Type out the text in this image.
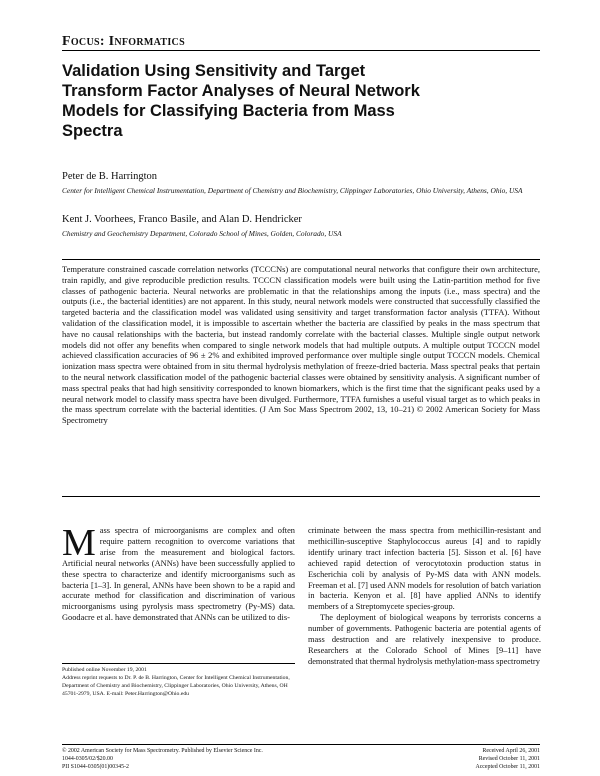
Focus: Informatics
Validation Using Sensitivity and Target Transform Factor Analyses of Neural Network Models for Classifying Bacteria from Mass Spectra
Peter de B. Harrington
Center for Intelligent Chemical Instrumentation, Department of Chemistry and Biochemistry, Clippinger Laboratories, Ohio University, Athens, Ohio, USA
Kent J. Voorhees, Franco Basile, and Alan D. Hendricker
Chemistry and Geochemistry Department, Colorado School of Mines, Golden, Colorado, USA
Temperature constrained cascade correlation networks (TCCCNs) are computational neural networks that configure their own architecture, train rapidly, and give reproducible prediction results. TCCCN classification models were built using the Latin-partition method for five classes of pathogenic bacteria. Neural networks are problematic in that the relationships among the inputs (i.e., mass spectra) and the outputs (i.e., the bacterial identities) are not apparent. In this study, neural network models were constructed that successfully classified the targeted bacteria and the classification model was validated using sensitivity and target transformation factor analysis (TTFA). Without validation of the classification model, it is impossible to ascertain whether the bacteria are classified by peaks in the mass spectrum that have no causal relationships with the bacteria, but instead randomly correlate with the bacterial classes. Multiple single output network models did not offer any benefits when compared to single network models that had multiple outputs. A multiple output TCCCN model achieved classification accuracies of 96 ± 2% and exhibited improved performance over multiple single output TCCCN models. Chemical ionization mass spectra were obtained from in situ thermal hydrolysis methylation of freeze-dried bacteria. Mass spectral peaks that pertain to the neural network classification model of the pathogenic bacterial classes were obtained by sensitivity analysis. A significant number of mass spectral peaks that had high sensitivity corresponded to known biomarkers, which is the first time that the significant peaks used by a neural network model to classify mass spectra have been divulged. Furthermore, TTFA furnishes a useful visual target as to which peaks in the mass spectrum correlate with the bacterial identities. (J Am Soc Mass Spectrom 2002, 13, 10–21) © 2002 American Society for Mass Spectrometry

M ass spectra of microorganisms are complex and often require pattern recognition to overcome variations that arise from the measurement and biological factors. Artificial neural networks (ANNs) have been successfully applied to these spectra to characterize and identify microorganisms such as bacteria [1–3]. In general, ANNs have been shown to be a rapid and accurate method for classification and discrimination of various microorganisms using pyrolysis mass spectrometry (Py-MS) data. Goodacre et al. have demonstrated that ANNs can be utilized to dis-

criminate between the mass spectra from methicillin-resistant and methicillin-susceptive Staphylococcus aureus [4] and to rapidly identify urinary tract infection bacteria [5]. Sisson et al. [6] have achieved rapid detection of verocytotoxin production status in Escherichia coli by analysis of Py-MS data with ANN models. Freeman et al. [7] used ANN models for resolution of batch variation in bacteria. Kenyon et al. [8] have applied ANNs to identify members of a Streptomycete species-group.

The deployment of biological weapons by terrorists concerns a number of governments. Pathogenic bacteria are potential agents of mass destruction and are relatively inexpensive to produce. Researchers at the Colorado School of Mines [9–11] have demonstrated that thermal hydrolysis methylation-mass spectrometry

Published online November 19, 2001
Address reprint requests to Dr. P. de B. Harrington, Center for Intelligent Chemical Instrumentation, Department of Chemistry and Biochemistry, Clippinger Laboratories, Ohio University, Athens, OH 45701-2979, USA. E-mail: Peter.Harrington@Ohio.edu
© 2002 American Society for Mass Spectrometry. Published by Elsevier Science Inc.
1044-0305/02/$20.00
PII S1044-0305(01)00345-2
Received April 26, 2001
Revised October 11, 2001
Accepted October 11, 2001
